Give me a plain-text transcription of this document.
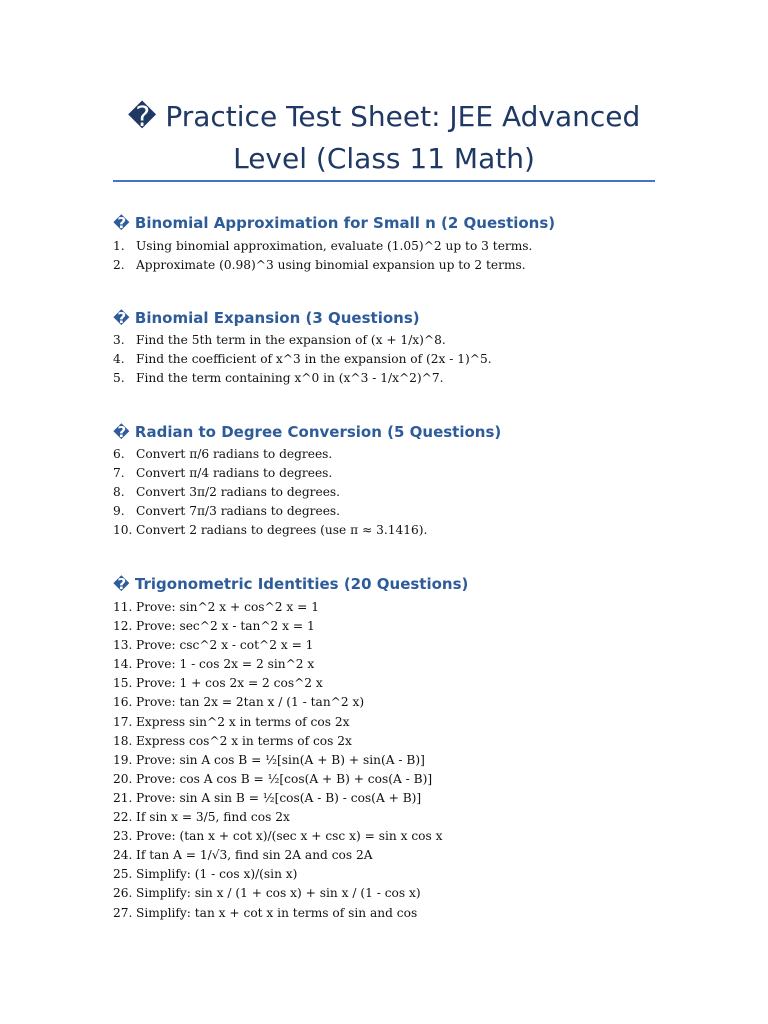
� Practice Test Sheet: JEE Advanced Level (Class 11 Math)
� Binomial Approximation for Small n (2 Questions)
1. Using binomial approximation, evaluate (1.05)^2 up to 3 terms.
2. Approximate (0.98)^3 using binomial expansion up to 2 terms.
� Binomial Expansion (3 Questions)
3. Find the 5th term in the expansion of (x + 1/x)^8.
4. Find the coefficient of x^3 in the expansion of (2x - 1)^5.
5. Find the term containing x^0 in (x^3 - 1/x^2)^7.
� Radian to Degree Conversion (5 Questions)
6. Convert π/6 radians to degrees.
7. Convert π/4 radians to degrees.
8. Convert 3π/2 radians to degrees.
9. Convert 7π/3 radians to degrees.
10. Convert 2 radians to degrees (use π ≈ 3.1416).
� Trigonometric Identities (20 Questions)
11. Prove: sin^2 x + cos^2 x = 1
12. Prove: sec^2 x - tan^2 x = 1
13. Prove: csc^2 x - cot^2 x = 1
14. Prove: 1 - cos 2x = 2 sin^2 x
15. Prove: 1 + cos 2x = 2 cos^2 x
16. Prove: tan 2x = 2tan x / (1 - tan^2 x)
17. Express sin^2 x in terms of cos 2x
18. Express cos^2 x in terms of cos 2x
19. Prove: sin A cos B = ½[sin(A + B) + sin(A - B)]
20. Prove: cos A cos B = ½[cos(A + B) + cos(A - B)]
21. Prove: sin A sin B = ½[cos(A - B) - cos(A + B)]
22. If sin x = 3/5, find cos 2x
23. Prove: (tan x + cot x)/(sec x + csc x) = sin x cos x
24. If tan A = 1/√3, find sin 2A and cos 2A
25. Simplify: (1 - cos x)/(sin x)
26. Simplify: sin x / (1 + cos x) + sin x / (1 - cos x)
27. Simplify: tan x + cot x in terms of sin and cos
